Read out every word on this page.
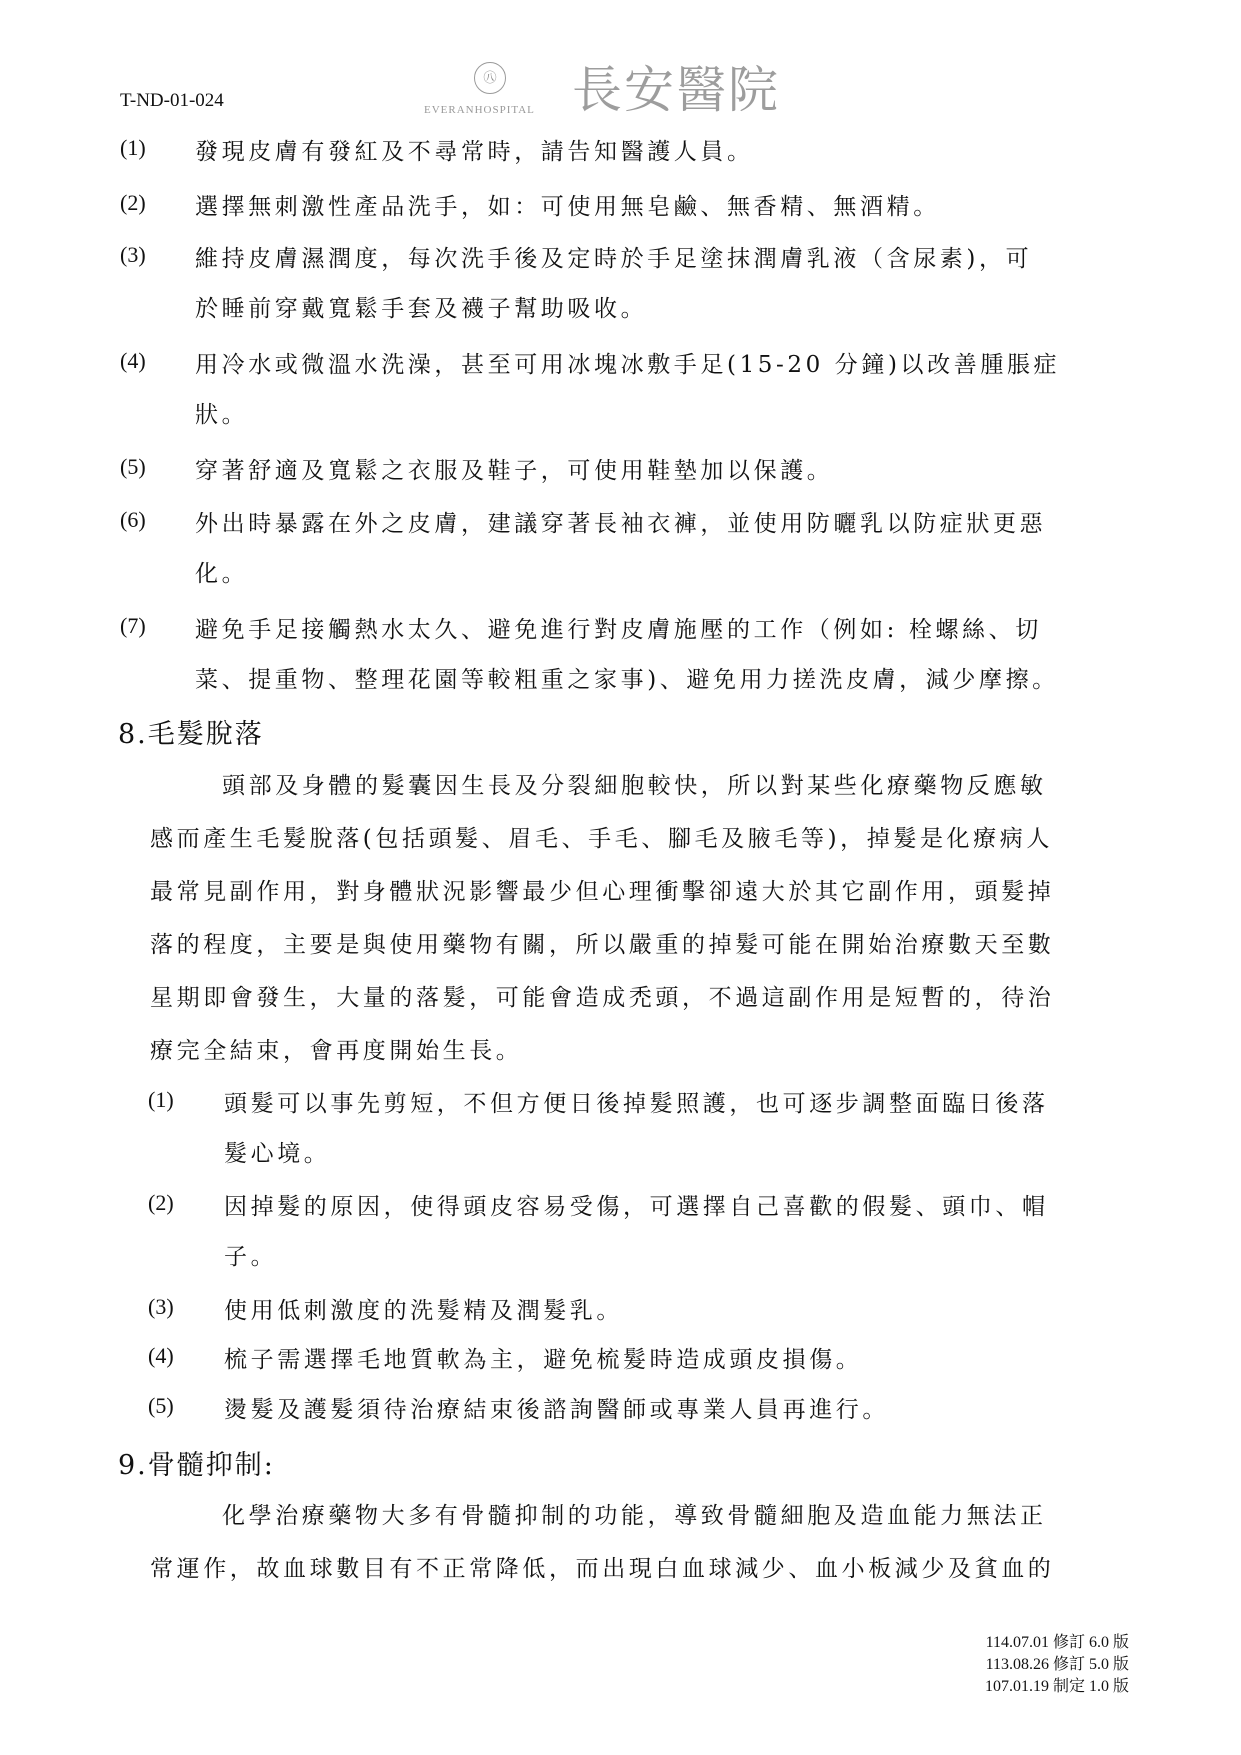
T-ND-01-024
㊇
EVERANHOSPITAL 長安醫院
(1) 發現皮膚有發紅及不尋常時，請告知醫護人員。
(2) 選擇無刺激性產品洗手，如：可使用無皂鹼、無香精、無酒精。
(3) 維持皮膚濕潤度，每次洗手後及定時於手足塗抹潤膚乳液（含尿素)，可
於睡前穿戴寬鬆手套及襪子幫助吸收。
(4) 用冷水或微溫水洗澡，甚至可用冰塊冰敷手足(15-20 分鐘)以改善腫脹症
狀。
(5) 穿著舒適及寬鬆之衣服及鞋子，可使用鞋墊加以保護。
(6) 外出時暴露在外之皮膚，建議穿著長袖衣褲，並使用防曬乳以防症狀更惡
化。
(7) 避免手足接觸熱水太久、避免進行對皮膚施壓的工作（例如: 栓螺絲、切
菜、提重物、整理花園等較粗重之家事)、避免用力搓洗皮膚，減少摩擦。
8.毛髮脫落
頭部及身體的髮囊因生長及分裂細胞較快，所以對某些化療藥物反應敏
感而產生毛髮脫落(包括頭髮、眉毛、手毛、腳毛及腋毛等)，掉髮是化療病人
最常見副作用，對身體狀況影響最少但心理衝擊卻遠大於其它副作用，頭髮掉
落的程度，主要是與使用藥物有關，所以嚴重的掉髮可能在開始治療數天至數
星期即會發生，大量的落髮，可能會造成禿頭，不過這副作用是短暫的，待治
療完全結束，會再度開始生長。
(1) 頭髮可以事先剪短，不但方便日後掉髮照護，也可逐步調整面臨日後落
髮心境。
(2) 因掉髮的原因，使得頭皮容易受傷，可選擇自己喜歡的假髮、頭巾、帽
子。
(3) 使用低刺激度的洗髮精及潤髮乳。
(4) 梳子需選擇毛地質軟為主，避免梳髮時造成頭皮損傷。
(5) 燙髮及護髮須待治療結束後諮詢醫師或專業人員再進行。
9.骨髓抑制:
化學治療藥物大多有骨髓抑制的功能，導致骨髓細胞及造血能力無法正
常運作，故血球數目有不正常降低，而出現白血球減少、血小板減少及貧血的
114.07.01 修訂 6.0 版
113.08.26 修訂 5.0 版
107.01.19 制定 1.0 版
